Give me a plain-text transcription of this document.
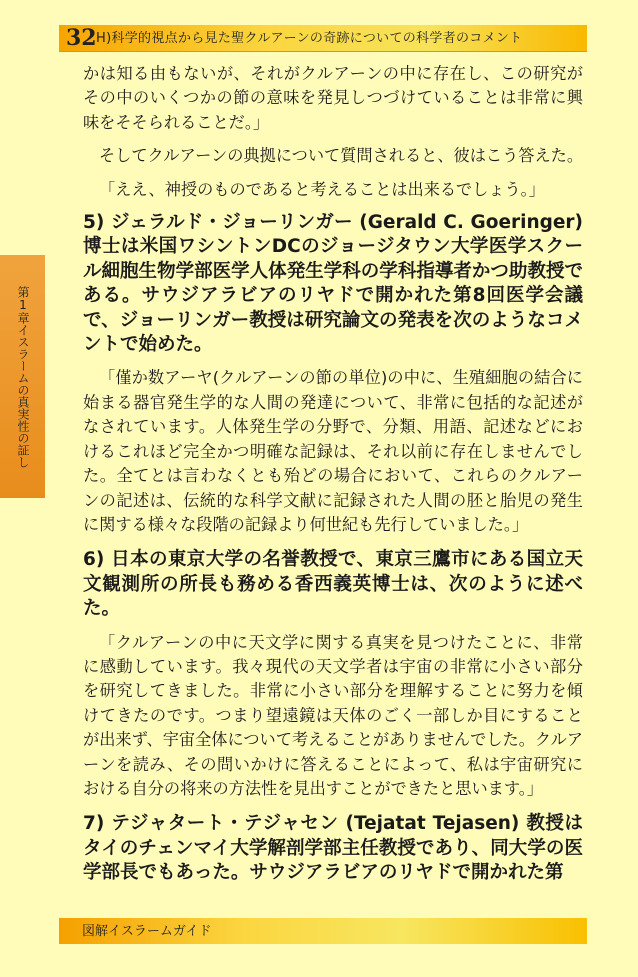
32 H)科学的視点から見た聖クルアーンの奇跡についての科学者のコメント
第1章
イスラームの真実性の証し

かは知る由もないが、それがクルアーンの中に存在し、この研究がその中のいくつかの節の意味を発見しつづけていることは非常に興味をそそられることだ。」

そしてクルアーンの典拠について質問されると、彼はこう答えた。

「ええ、神授のものであると考えることは出来るでしょう。」

5) ジェラルド・ジョーリンガー (Gerald C. Goeringer) 博士は米国ワシントンDCのジョージタウン大学医学スクール細胞生物学部医学人体発生学科の学科指導者かつ助教授である。サウジアラビアのリヤドで開かれた第8回医学会議で、ジョーリンガー教授は研究論文の発表を次のようなコメントで始めた。

「僅か数アーヤ(クルアーンの節の単位)の中に、生殖細胞の結合に始まる器官発生学的な人間の発達について、非常に包括的な記述がなされています。人体発生学の分野で、分類、用語、記述などにおけるこれほど完全かつ明確な記録は、それ以前に存在しませんでした。全てとは言わなくとも殆どの場合において、これらのクルアーンの記述は、伝統的な科学文献に記録された人間の胚と胎児の発生に関する様々な段階の記録より何世紀も先行していました。」

6) 日本の東京大学の名誉教授で、東京三鷹市にある国立天文観測所の所長も務める香西義英博士は、次のように述べた。

「クルアーンの中に天文学に関する真実を見つけたことに、非常に感動しています。我々現代の天文学者は宇宙の非常に小さい部分を研究してきました。非常に小さい部分を理解することに努力を傾けてきたのです。つまり望遠鏡は天体のごく一部しか目にすることが出来ず、宇宙全体について考えることがありませんでした。クルアーンを読み、その問いかけに答えることによって、私は宇宙研究における自分の将来の方法性を見出すことができたと思います。」

7) テジャタート・テジャセン (Tejatat Tejasen) 教授はタイのチェンマイ大学解剖学部主任教授であり、同大学の医学部長でもあった。サウジアラビアのリヤドで開かれた第

図解イスラームガイド
